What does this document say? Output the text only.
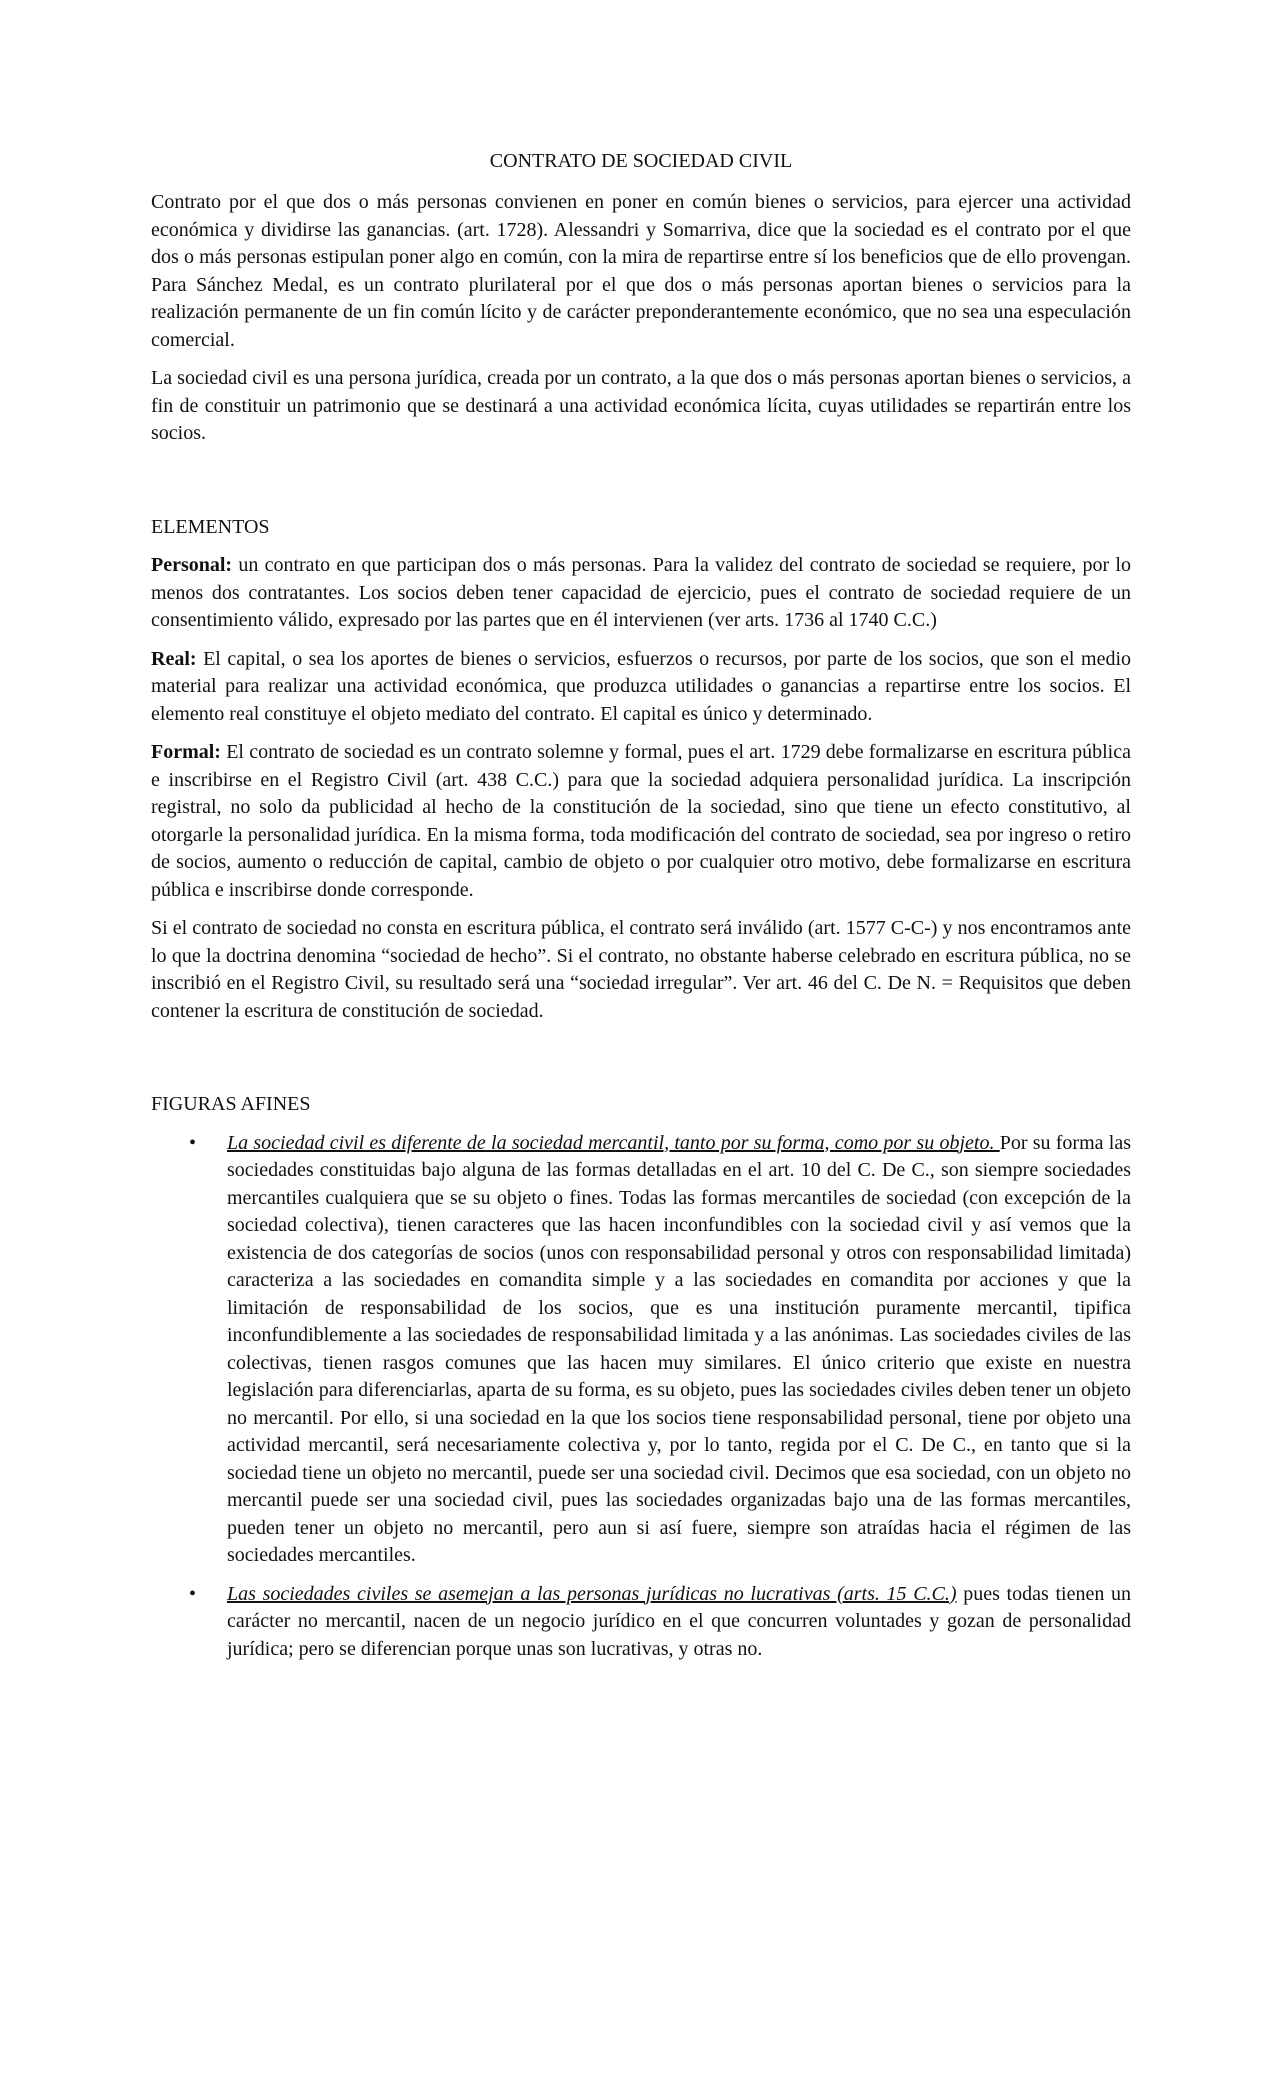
CONTRATO DE SOCIEDAD CIVIL

Contrato por el que dos o más personas convienen en poner en común bienes o servicios, para ejercer una actividad económica y dividirse las ganancias. (art. 1728). Alessandri y Somarriva, dice que la sociedad es el contrato por el que dos o más personas estipulan poner algo en común, con la mira de repartirse entre sí los beneficios que de ello provengan. Para Sánchez Medal, es un contrato plurilateral por el que dos o más personas aportan bienes o servicios para la realización permanente de un fin común lícito y de carácter preponderantemente económico, que no sea una especulación comercial.

La sociedad civil es una persona jurídica, creada por un contrato, a la que dos o más personas aportan bienes o servicios, a fin de constituir un patrimonio que se destinará a una actividad económica lícita, cuyas utilidades se repartirán entre los socios.

ELEMENTOS

Personal: un contrato en que participan dos o más personas. Para la validez del contrato de sociedad se requiere, por lo menos dos contratantes. Los socios deben tener capacidad de ejercicio, pues el contrato de sociedad requiere de un consentimiento válido, expresado por las partes que en él intervienen (ver arts. 1736 al 1740 C.C.)

Real: El capital, o sea los aportes de bienes o servicios, esfuerzos o recursos, por parte de los socios, que son el medio material para realizar una actividad económica, que produzca utilidades o ganancias a repartirse entre los socios. El elemento real constituye el objeto mediato del contrato. El capital es único y determinado.

Formal: El contrato de sociedad es un contrato solemne y formal, pues el art. 1729 debe formalizarse en escritura pública e inscribirse en el Registro Civil (art. 438 C.C.) para que la sociedad adquiera personalidad jurídica. La inscripción registral, no solo da publicidad al hecho de la constitución de la sociedad, sino que tiene un efecto constitutivo, al otorgarle la personalidad jurídica. En la misma forma, toda modificación del contrato de sociedad, sea por ingreso o retiro de socios, aumento o reducción de capital, cambio de objeto o por cualquier otro motivo, debe formalizarse en escritura pública e inscribirse donde corresponde.

Si el contrato de sociedad no consta en escritura pública, el contrato será inválido (art. 1577 C-C-) y nos encontramos ante lo que la doctrina denomina “sociedad de hecho”. Si el contrato, no obstante haberse celebrado en escritura pública, no se inscribió en el Registro Civil, su resultado será una “sociedad irregular”. Ver art. 46 del C. De N. = Requisitos que deben contener la escritura de constitución de sociedad.

FIGURAS AFINES
• La sociedad civil es diferente de la sociedad mercantil, tanto por su forma, como por su objeto. Por su forma las sociedades constituidas bajo alguna de las formas detalladas en el art. 10 del C. De C., son siempre sociedades mercantiles cualquiera que se su objeto o fines. Todas las formas mercantiles de sociedad (con excepción de la sociedad colectiva), tienen caracteres que las hacen inconfundibles con la sociedad civil y así vemos que la existencia de dos categorías de socios (unos con responsabilidad personal y otros con responsabilidad limitada) caracteriza a las sociedades en comandita simple y a las sociedades en comandita por acciones y que la limitación de responsabilidad de los socios, que es una institución puramente mercantil, tipifica inconfundiblemente a las sociedades de responsabilidad limitada y a las anónimas. Las sociedades civiles de las colectivas, tienen rasgos comunes que las hacen muy similares. El único criterio que existe en nuestra legislación para diferenciarlas, aparta de su forma, es su objeto, pues las sociedades civiles deben tener un objeto no mercantil. Por ello, si una sociedad en la que los socios tiene responsabilidad personal, tiene por objeto una actividad mercantil, será necesariamente colectiva y, por lo tanto, regida por el C. De C., en tanto que si la sociedad tiene un objeto no mercantil, puede ser una sociedad civil. Decimos que esa sociedad, con un objeto no mercantil puede ser una sociedad civil, pues las sociedades organizadas bajo una de las formas mercantiles, pueden tener un objeto no mercantil, pero aun si así fuere, siempre son atraídas hacia el régimen de las sociedades mercantiles.
• Las sociedades civiles se asemejan a las personas jurídicas no lucrativas (arts. 15 C.C.) pues todas tienen un carácter no mercantil, nacen de un negocio jurídico en el que concurren voluntades y gozan de personalidad jurídica; pero se diferencian porque unas son lucrativas, y otras no.
